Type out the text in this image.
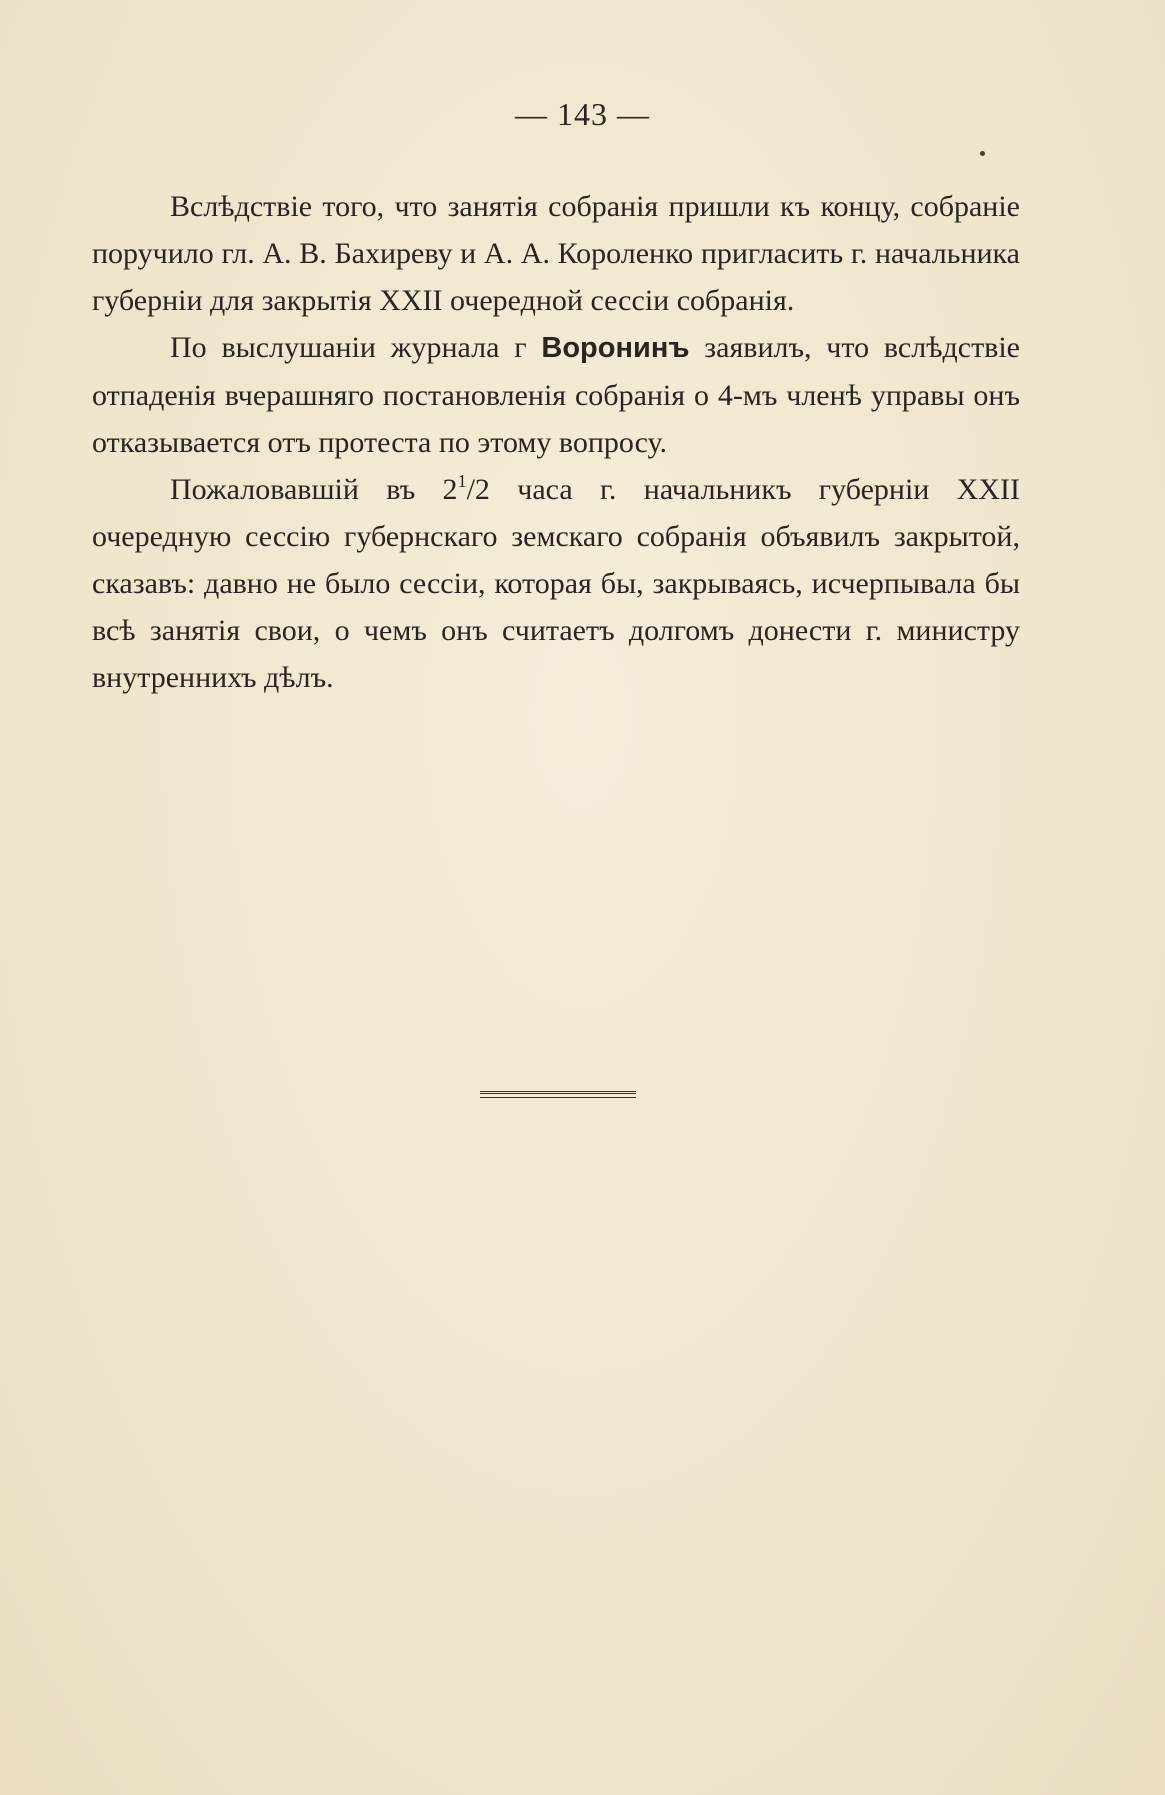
— 143 —

Вслѣдствіе того, что занятія собранія пришли къ концу, собраніе поручило гл. А. В. Бахиреву и А. А. Короленко пригласить г. начальника губерніи для закрытія XXII очередной сессіи собранія.

По выслушаніи журнала г Воронинъ заявилъ, что вслѣдствіе отпаденія вчерашняго постановленія собранія о 4-мъ членѣ управы онъ отказывается отъ протеста по этому вопросу.

Пожаловавшій въ $2^1/2$ часа г. начальникъ губерніи XXII очередную сессію губернскаго земскаго собранія объявилъ закрытой, сказавъ: давно не было сессіи, которая бы, закрываясь, исчерпывала бы всѣ занятія свои, о чемъ онъ считаетъ долгомъ донести г. министру внутреннихъ дѣлъ.
